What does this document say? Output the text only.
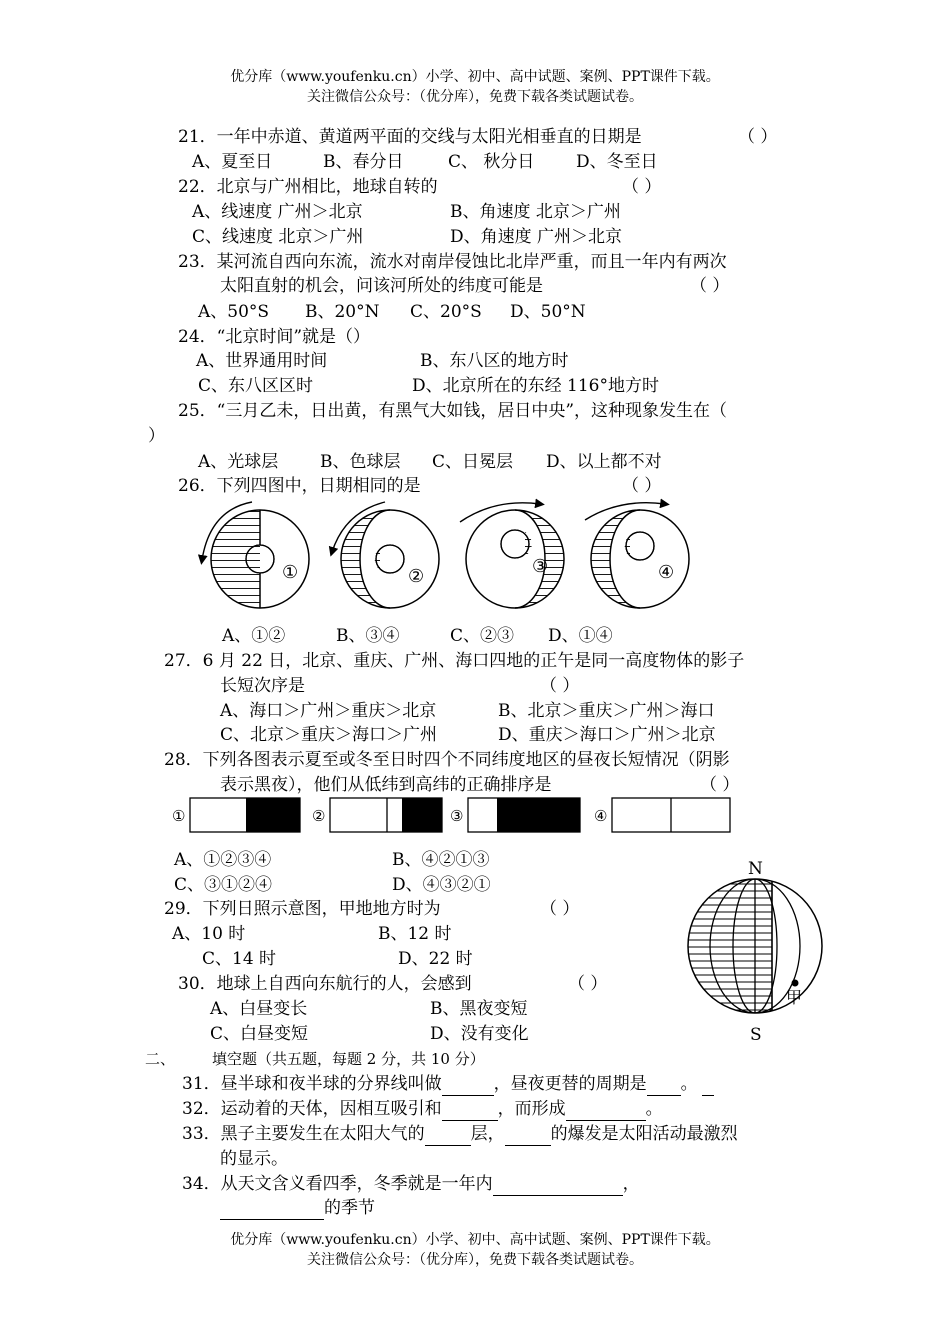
优分库（www.youfenku.cn）小学、初中、高中试题、案例、PPT课件下载。
关注微信公众号：（优分库），免费下载各类试题试卷。
21．一年中赤道、黄道两平面的交线与太阳光相垂直的日期是	（ ）
A、夏至日	B、春分日	C、 秋分日 D、冬至日
22．北京与广州相比，地球自转的	（ ）
A、线速度 广州＞北京	B、角速度 北京＞广州
C、线速度 北京＞广州	D、角速度 广州＞北京
23．某河流自西向东流，流水对南岸侵蚀比北岸严重，而且一年内有两次
太阳直射的机会，问该河所处的纬度可能是	（ ）
A、50°S B、20°N C、20°S D、50°N
24．“北京时间”就是（）
A、世界通用时间	B、东八区的地方时
C、东八区区时	D、北京所在的东经 116°地方时
25．“三月乙未，日出黄，有黑气大如钱，居日中央”，这种现象发生在（
）
A、光球层 B、色球层 C、日冕层 D、以上都不对
26．下列四图中，日期相同的是	（ ）
①	②	③	④
A、①②	B、③④	C、②③ D、①④
27．6 月 22 日，北京、重庆、广州、海口四地的正午是同一高度物体的影子
长短次序是	（ ）
A、海口＞广州＞重庆＞北京	B、北京＞重庆＞广州＞海口
C、北京＞重庆＞海口＞广州	D、重庆＞海口＞广州＞北京
28．下列各图表示夏至或冬至日时四个不同纬度地区的昼夜长短情况（阴影
表示黑夜），他们从低纬到高纬的正确排序是	（ ）
①	②	③	④
A、①②③④	B、④②①③
C、③①②④	D、④③②①
29．下列日照示意图，甲地地方时为	（ ）
A、10 时	B、12 时
C、14 时	D、22 时
N
S
甲
30．地球上自西向东航行的人，会感到	（ ）
A、白昼变长	B、黑夜变短
C、白昼变短	D、没有变化
二、 填空题（共五题，每题 2 分，共 10 分）
31．昼半球和夜半球的分界线叫做	，昼夜更替的周期是 。
32．运动着的天体，因相互吸引和	，而形成	。
33．黑子主要发生在太阳大气的	层，	的爆发是太阳活动最激烈
的显示。
34．从天文含义看四季，冬季就是一年内	，
的季节
优分库（www.youfenku.cn）小学、初中、高中试题、案例、PPT课件下载。
关注微信公众号：（优分库），免费下载各类试题试卷。
